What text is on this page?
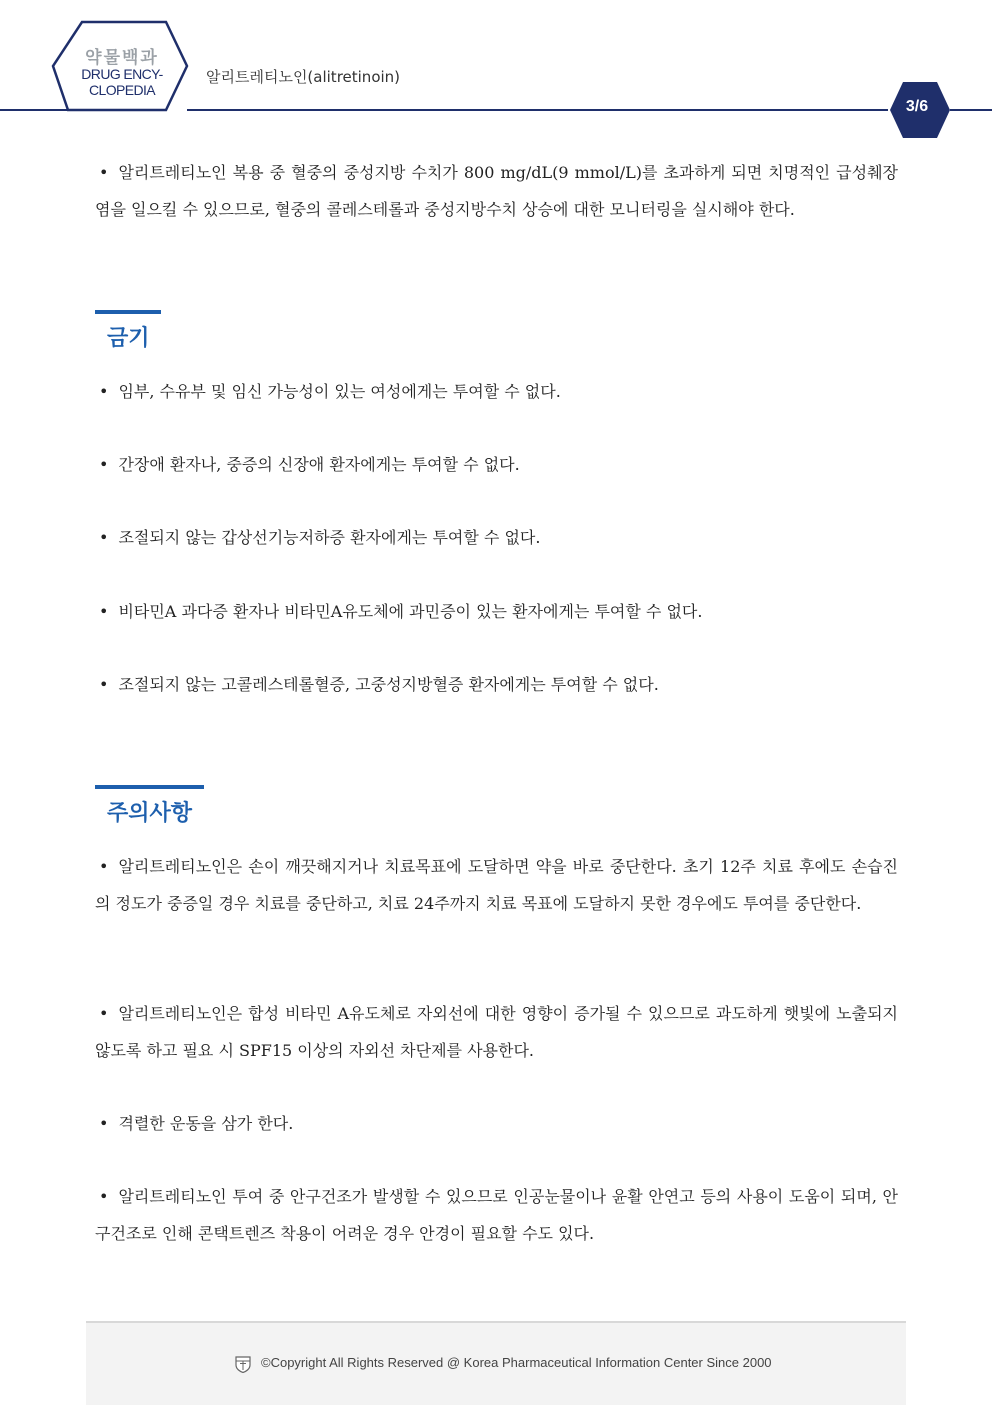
약물백과
DRUG ENCY-
CLOPEDIA
알리트레티노인(alitretinoin)
3/6
• 알리트레티노인 복용 중 혈중의 중성지방 수치가 800 mg/dL(9 mmol/L)를 초과하게 되면 치명적인 급성췌장염을 일으킬 수 있으므로, 혈중의 콜레스테롤과 중성지방수치 상승에 대한 모니터링을 실시해야 한다.
금기
• 임부, 수유부 및 임신 가능성이 있는 여성에게는 투여할 수 없다.
• 간장애 환자나, 중증의 신장애 환자에게는 투여할 수 없다.
• 조절되지 않는 갑상선기능저하증 환자에게는 투여할 수 없다.
• 비타민A 과다증 환자나 비타민A유도체에 과민증이 있는 환자에게는 투여할 수 없다.
• 조절되지 않는 고콜레스테롤혈증, 고중성지방혈증 환자에게는 투여할 수 없다.
주의사항
• 알리트레티노인은 손이 깨끗해지거나 치료목표에 도달하면 약을 바로 중단한다. 초기 12주 치료 후에도 손습진의 정도가 중증일 경우 치료를 중단하고, 치료 24주까지 치료 목표에 도달하지 못한 경우에도 투여를 중단한다.
• 알리트레티노인은 합성 비타민 A유도체로 자외선에 대한 영향이 증가될 수 있으므로 과도하게 햇빛에 노출되지 않도록 하고 필요 시 SPF15 이상의 자외선 차단제를 사용한다.
• 격렬한 운동을 삼가 한다.
• 알리트레티노인 투여 중 안구건조가 발생할 수 있으므로 인공눈물이나 윤활 안연고 등의 사용이 도움이 되며, 안구건조로 인해 콘택트렌즈 착용이 어려운 경우 안경이 필요할 수도 있다.
©Copyright All Rights Reserved @ Korea Pharmaceutical Information Center Since 2000
